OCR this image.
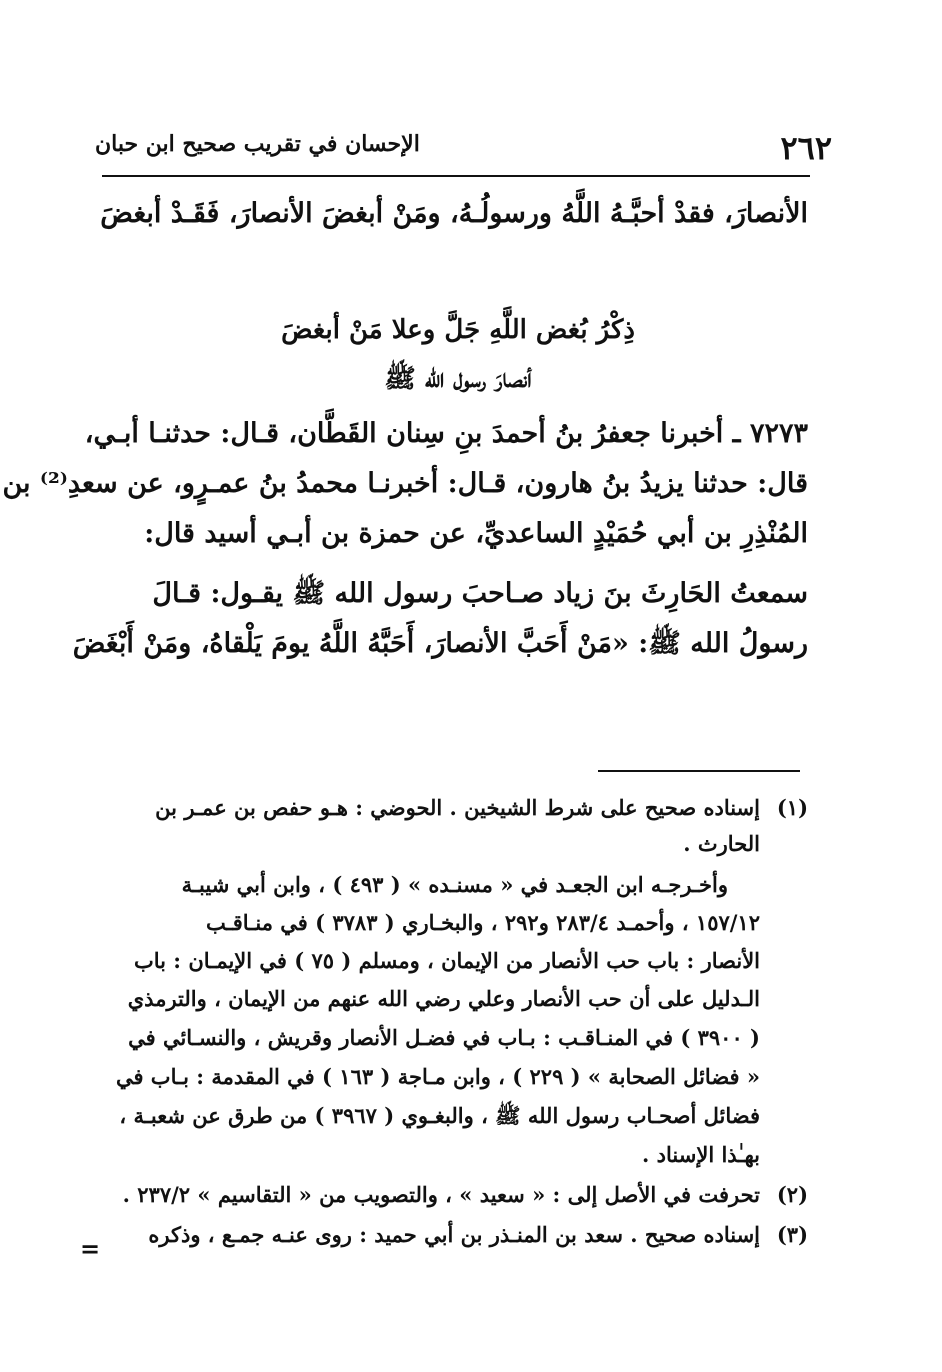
٢٦٢
الإحسان في تقريب صحيح ابن حبان
الأنصارَ، فقدْ أحبَّـهُ اللَّهُ ورسولُـهُ، ومَنْ أبغضَ الأنصارَ، فَقَـدْ أبغضَ
ذِكْرُ بُغض اللَّهِ جَلَّ وعلا مَنْ أبغضَ
أنصارَ رسول الله ﷺ
٧٢٧٣ ـ أخبرنا جعفرُ بنُ أحمدَ بنِ سِنان القَطَّان، قـال: حدثنـا أبـي،
قال: حدثنا يزيدُ بنُ هارون، قـال: أخبرنـا محمدُ بنُ عمـرٍو، عن سعدِ⁽²⁾ بن
المُنْذِرِ بن أبي حُمَيْدٍ الساعديِّ، عن حمزة بن أبـي أسيد قال:
سمعتُ الحَارِثَ بنَ زياد صـاحبَ رسول الله ﷺ يقـول: قـالَ
رسولُ الله ﷺ: «مَنْ أَحَبَّ الأنصارَ، أَحَبَّهُ اللَّهُ يومَ يَلْقاهُ، ومَنْ أَبْغَضَ
(١)
إسناده صحيح على شرط الشيخين . الحوضي : هـو حفص بن عمـر بن
الحارث .
وأخـرجـه ابن الجعـد في « مسنـده » ( ٤٩٣ ) ، وابن أبي شيبـة
١٥٧/١٢ ، وأحمـد ٢٨٣/٤ و٢٩٢ ، والبخـاري ( ٣٧٨٣ ) في منـاقـب
الأنصار : باب حب الأنصار من الإيمان ، ومسلم ( ٧٥ ) في الإيمـان : باب
الـدليل على أن حب الأنصار وعلي رضي الله عنهم من الإيمان ، والترمذي
( ٣٩٠٠ ) في المنـاقـب : بـاب في فضـل الأنصار وقريش ، والنسـائي في
« فضائل الصحابة » ( ٢٢٩ ) ، وابن مـاجة ( ١٦٣ ) في المقدمة : بـاب في
فضائل أصحـاب رسول الله ﷺ ، والبغـوي ( ٣٩٦٧ ) من طرق عن شعبـة ،
بهـٰذا الإسناد .
(٢)
تحرفت في الأصل إلى : « سعيد » ، والتصويب من « التقاسيم » ٢٣٧/٢ .
(٣)
إسناده صحيح . سعد بن المنـذر بن أبي حميد : روى عنـه جمـع ، وذكره
=
